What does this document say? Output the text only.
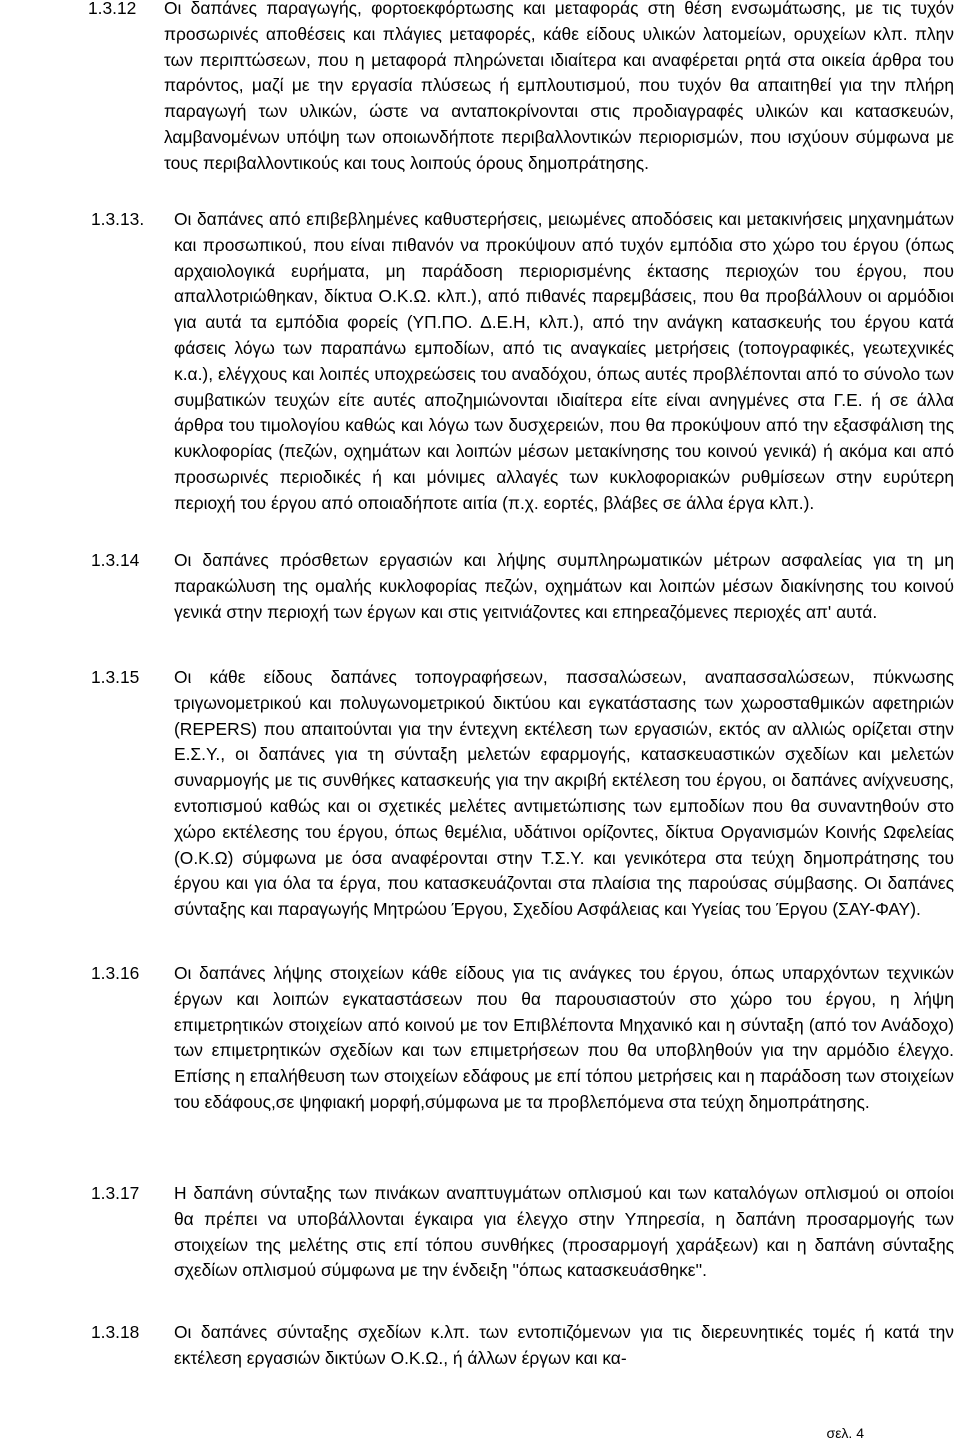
1.3.12 Οι δαπάνες παραγωγής, φορτοεκφόρτωσης και μεταφοράς στη θέση ενσωμάτωσης, με τις τυχόν προσωρινές αποθέσεις και πλάγιες μεταφορές, κάθε είδους υλικών λατομείων, ορυχείων κλπ. πλην των περιπτώσεων, που η μεταφορά πληρώνεται ιδιαίτερα και αναφέρεται ρητά στα οικεία άρθρα του παρόντος, μαζί με την εργασία πλύσεως ή εμπλουτισμού, που τυχόν θα απαιτηθεί για την πλήρη παραγωγή των υλικών, ώστε να ανταποκρίνονται στις προδιαγραφές υλικών και κατασκευών, λαμβανομένων υπόψη των οποιωνδήποτε περιβαλλοντικών περιορισμών, που ισχύουν σύμφωνα με τους περιβαλλοντικούς και τους λοιπούς όρους δημοπράτησης.

1.3.13. Οι δαπάνες από επιβεβλημένες καθυστερήσεις, μειωμένες αποδόσεις και μετακινήσεις μηχανημάτων και προσωπικού, που είναι πιθανόν να προκύψουν από τυχόν εμπόδια στο χώρο του έργου (όπως αρχαιολογικά ευρήματα, μη παράδοση περιορισμένης έκτασης περιοχών του έργου, που απαλλοτριώθηκαν, δίκτυα Ο.Κ.Ω. κλπ.), από πιθανές παρεμβάσεις, που θα προβάλλουν οι αρμόδιοι για αυτά τα εμπόδια φορείς (ΥΠ.ΠΟ. Δ.Ε.Η, κλπ.), από την ανάγκη κατασκευής του έργου κατά φάσεις λόγω των παραπάνω εμποδίων, από τις αναγκαίες μετρήσεις (τοπογραφικές, γεωτεχνικές κ.α.), ελέγχους και λοιπές υποχρεώσεις του αναδόχου, όπως αυτές προβλέπονται από το σύνολο των συμβατικών τευχών είτε αυτές αποζημιώνονται ιδιαίτερα είτε είναι ανηγμένες στα Γ.Ε. ή σε άλλα άρθρα του τιμολογίου καθώς και λόγω των δυσχερειών, που θα προκύψουν από την εξασφάλιση της κυκλοφορίας (πεζών, οχημάτων και λοιπών μέσων μετακίνησης του κοινού γενικά) ή ακόμα και από προσωρινές περιοδικές ή και μόνιμες αλλαγές των κυκλοφοριακών ρυθμίσεων στην ευρύτερη περιοχή του έργου από οποιαδήποτε αιτία (π.χ. εορτές, βλάβες σε άλλα έργα κλπ.).

1.3.14 Οι δαπάνες πρόσθετων εργασιών και λήψης συμπληρωματικών μέτρων ασφαλείας για τη μη παρακώλυση της ομαλής κυκλοφορίας πεζών, οχημάτων και λοιπών μέσων διακίνησης του κοινού γενικά στην περιοχή των έργων και στις γειτνιάζοντες και επηρεαζόμενες περιοχές απ' αυτά.

1.3.15 Οι κάθε είδους δαπάνες τοπογραφήσεων, πασσαλώσεων, αναπασσαλώσεων, πύκνωσης τριγωνομετρικού και πολυγωνομετρικού δικτύου και εγκατάστασης των χωροσταθμικών αφετηριών (REPERS) που απαιτούνται για την έντεχνη εκτέλεση των εργασιών, εκτός αν αλλιώς ορίζεται στην Ε.Σ.Υ., οι δαπάνες για τη σύνταξη μελετών εφαρμογής, κατασκευαστικών σχεδίων και μελετών συναρμογής με τις συνθήκες κατασκευής για την ακριβή εκτέλεση του έργου, οι δαπάνες ανίχνευσης, εντοπισμού καθώς και οι σχετικές μελέτες αντιμετώπισης των εμποδίων που θα συναντηθούν στο χώρο εκτέλεσης του έργου, όπως θεμέλια, υδάτινοι ορίζοντες, δίκτυα Οργανισμών Κοινής Ωφελείας (Ο.Κ.Ω) σύμφωνα με όσα αναφέρονται στην Τ.Σ.Υ. και γενικότερα στα τεύχη δημοπράτησης του έργου και για όλα τα έργα, που κατασκευάζονται στα πλαίσια της παρούσας σύμβασης. Οι δαπάνες σύνταξης και παραγωγής Μητρώου Έργου, Σχεδίου Ασφάλειας και Υγείας του Έργου (ΣΑΥ-ΦΑΥ).

1.3.16 Οι δαπάνες λήψης στοιχείων κάθε είδους για τις ανάγκες του έργου, όπως υπαρχόντων τεχνικών έργων και λοιπών εγκαταστάσεων που θα παρουσιαστούν στο χώρο του έργου, η λήψη επιμετρητικών στοιχείων από κοινού με τον Επιβλέποντα Μηχανικό και η σύνταξη (από τον Ανάδοχο) των επιμετρητικών σχεδίων και των επιμετρήσεων που θα υποβληθούν για την αρμόδιο έλεγχο. Επίσης η επαλήθευση των στοιχείων εδάφους με επί τόπου μετρήσεις και η παράδοση των στοιχείων του εδάφους,σε ψηφιακή μορφή,σύμφωνα με τα προβλεπόμενα στα τεύχη δημοπράτησης.

1.3.17 Η δαπάνη σύνταξης των πινάκων αναπτυγμάτων οπλισμού και των καταλόγων οπλισμού οι οποίοι θα πρέπει να υποβάλλονται έγκαιρα για έλεγχο στην Υπηρεσία, η δαπάνη προσαρμογής των στοιχείων της μελέτης στις επί τόπου συνθήκες (προσαρμογή χαράξεων) και η δαπάνη σύνταξης σχεδίων οπλισμού σύμφωνα με την ένδειξη ''όπως κατασκευάσθηκε''.

1.3.18 Οι δαπάνες σύνταξης σχεδίων κ.λπ. των εντοπιζόμενων για τις διερευνητικές τομές ή κατά την εκτέλεση εργασιών δικτύων Ο.Κ.Ω., ή άλλων έργων και κα-

σελ. 4
